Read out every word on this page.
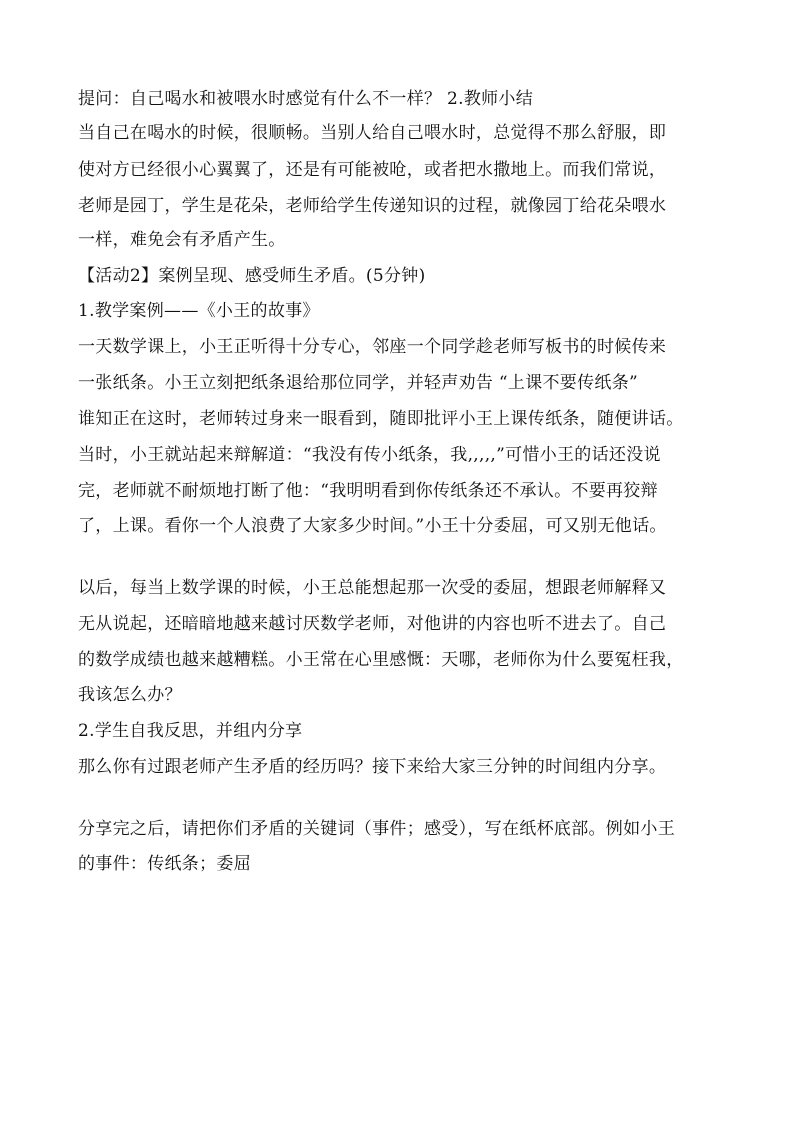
提问：自己喝水和被喂水时感觉有什么不一样？ 2.教师小结
当自己在喝水的时候，很顺畅。当别人给自己喂水时，总觉得不那么舒服，即
使对方已经很小心翼翼了，还是有可能被呛，或者把水撒地上。而我们常说，
老师是园丁，学生是花朵，老师给学生传递知识的过程，就像园丁给花朵喂水
一样，难免会有矛盾产生。
【活动2】案例呈现、感受师生矛盾。(5分钟)
1.教学案例——《小王的故事》
一天数学课上，小王正听得十分专心，邻座一个同学趁老师写板书的时候传来
一张纸条。小王立刻把纸条退给那位同学，并轻声劝告 “上课不要传纸条”
谁知正在这时，老师转过身来一眼看到，随即批评小王上课传纸条，随便讲话。
当时，小王就站起来辩解道：“我没有传小纸条，我,,,,,”可惜小王的话还没说
完，老师就不耐烦地打断了他：“我明明看到你传纸条还不承认。不要再狡辩
了，上课。看你一个人浪费了大家多少时间。”小王十分委屈，可又别无他话。
以后，每当上数学课的时候，小王总能想起那一次受的委屈，想跟老师解释又
无从说起，还暗暗地越来越讨厌数学老师，对他讲的内容也听不进去了。自己
的数学成绩也越来越糟糕。小王常在心里感慨：天哪，老师你为什么要冤枉我，
我该怎么办？
2.学生自我反思，并组内分享
那么你有过跟老师产生矛盾的经历吗？接下来给大家三分钟的时间组内分享。
分享完之后，请把你们矛盾的关键词（事件；感受），写在纸杯底部。例如小王
的事件：传纸条；委屈
